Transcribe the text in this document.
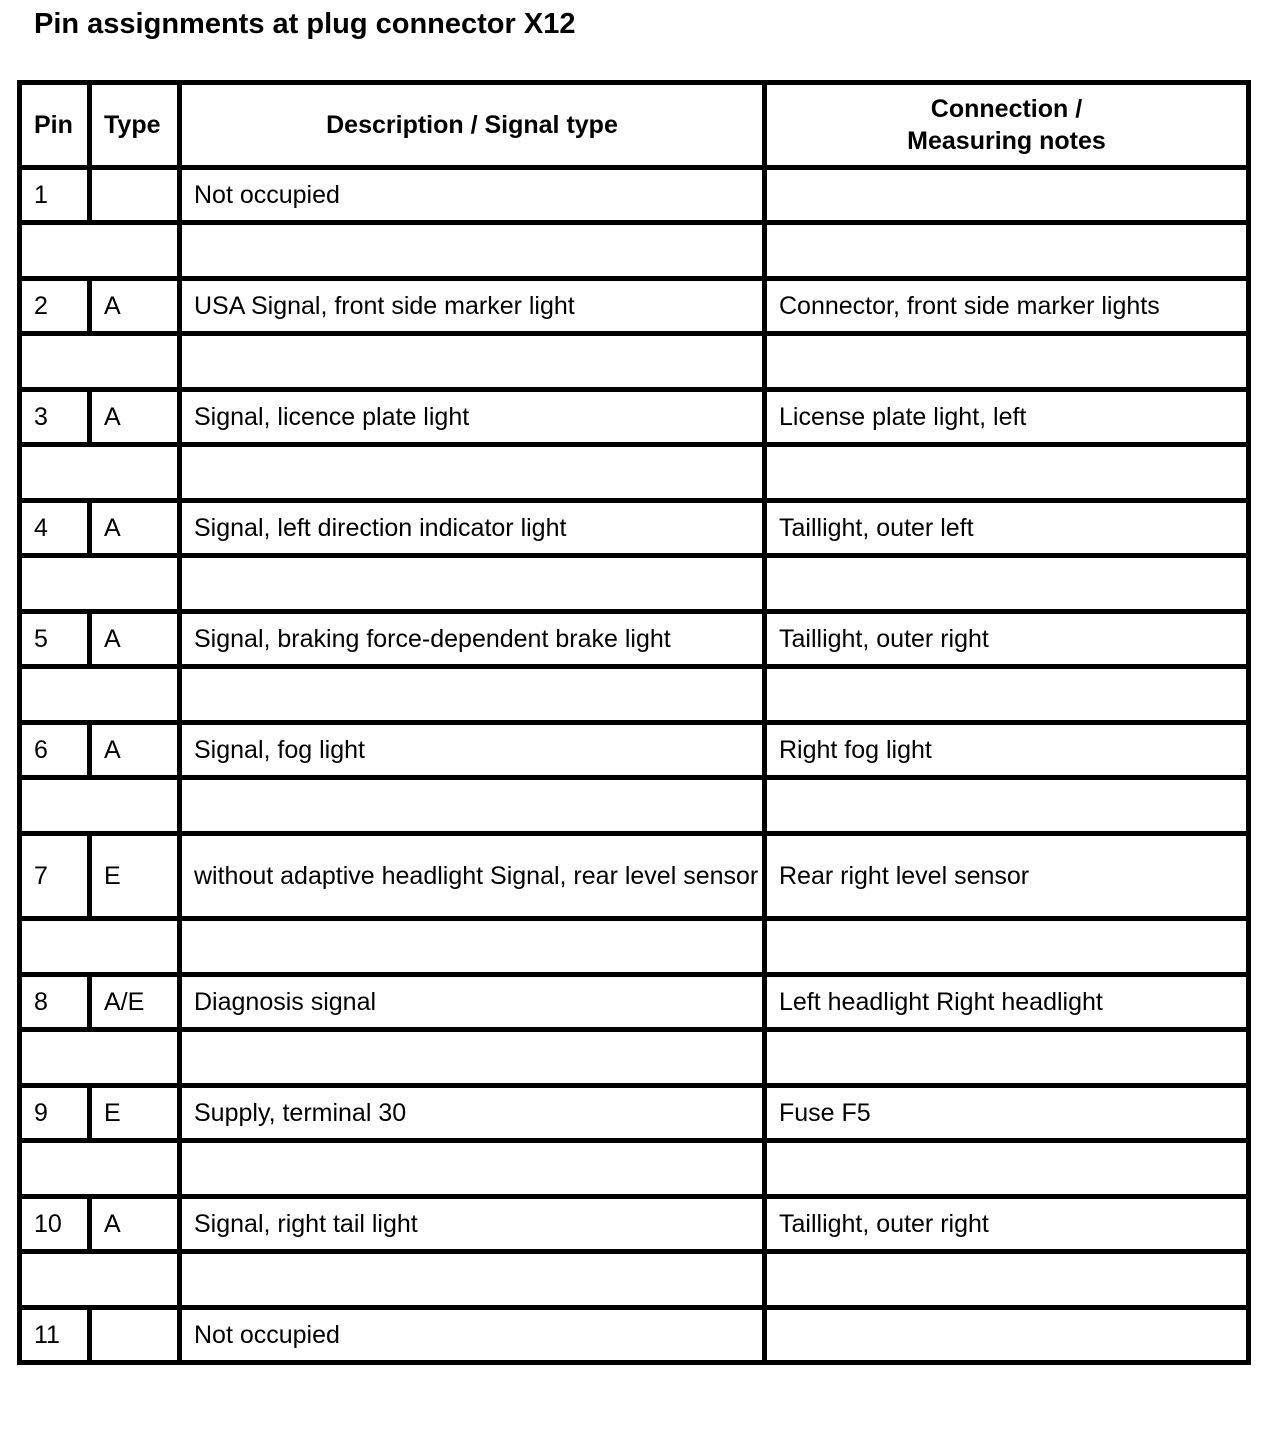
Pin assignments at plug connector X12
Pin	Type	Description / Signal type	Connection /
Measuring notes
1		Not occupied	

2	A	USA Signal, front side marker light	Connector, front side marker lights

3	A	Signal, licence plate light	License plate light, left

4	A	Signal, left direction indicator light	Taillight, outer left

5	A	Signal, braking force-dependent brake light	Taillight, outer right

6	A	Signal, fog light	Right fog light

7	E	without adaptive headlight Signal, rear level sensor	Rear right level sensor

8	A/E	Diagnosis signal	Left headlight Right headlight

9	E	Supply, terminal 30	Fuse F5

10	A	Signal, right tail light	Taillight, outer right

11		Not occupied	
